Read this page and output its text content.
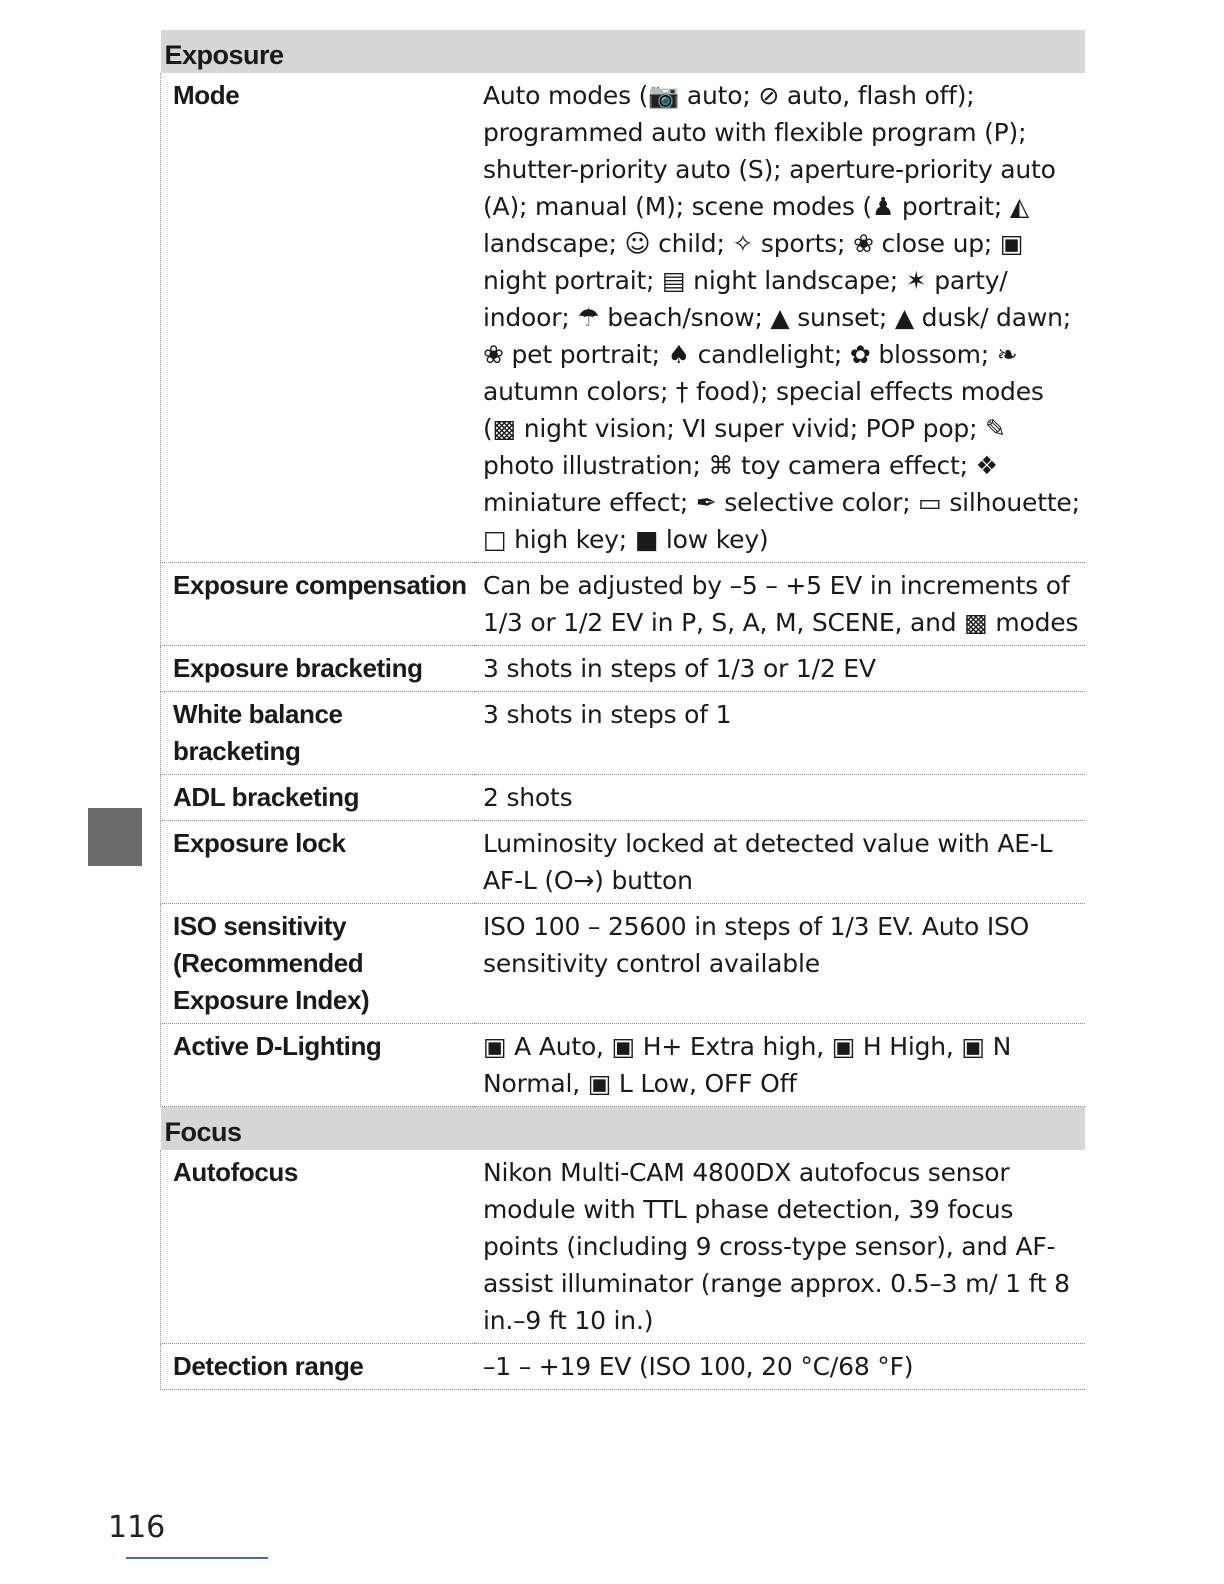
Exposure	
Mode	Auto modes (📷 auto; ⊘ auto, flash off); programmed auto with flexible program (P); shutter-priority auto (S); aperture-priority auto (A); manual (M); scene modes (♟ portrait; ◭ landscape; ☺ child; ✧ sports; ❀ close up; ▣ night portrait; ▤ night landscape; ✶ party/ indoor; ☂ beach/snow; ▲ sunset; ▲ dusk/ dawn; ❀ pet portrait; ♠ candlelight; ✿ blossom; ❧ autumn colors; † food); special effects modes (▩ night vision; VI super vivid; POP pop; ✎ photo illustration; ⌘ toy camera effect; ❖ miniature effect; ✒ selective color; ▭ silhouette; □ high key; ■ low key)
Exposure compensation	Can be adjusted by –5 – +5 EV in increments of 1/3 or 1/2 EV in P, S, A, M, SCENE, and ▩ modes
Exposure bracketing	3 shots in steps of 1/3 or 1/2 EV
White balance bracketing	3 shots in steps of 1
ADL bracketing	2 shots
Exposure lock	Luminosity locked at detected value with AE-L AF-L (O→) button
ISO sensitivity (Recommended Exposure Index)	ISO 100 – 25600 in steps of 1/3 EV. Auto ISO sensitivity control available
Active D-Lighting	▣ A Auto, ▣ H+ Extra high, ▣ H High, ▣ N Normal, ▣ L Low, OFF Off
Focus	
Autofocus	Nikon Multi-CAM 4800DX autofocus sensor module with TTL phase detection, 39 focus points (including 9 cross-type sensor), and AF-assist illuminator (range approx. 0.5–3 m/ 1 ft 8 in.–9 ft 10 in.)
Detection range	–1 – +19 EV (ISO 100, 20 °C/68 °F)
116
